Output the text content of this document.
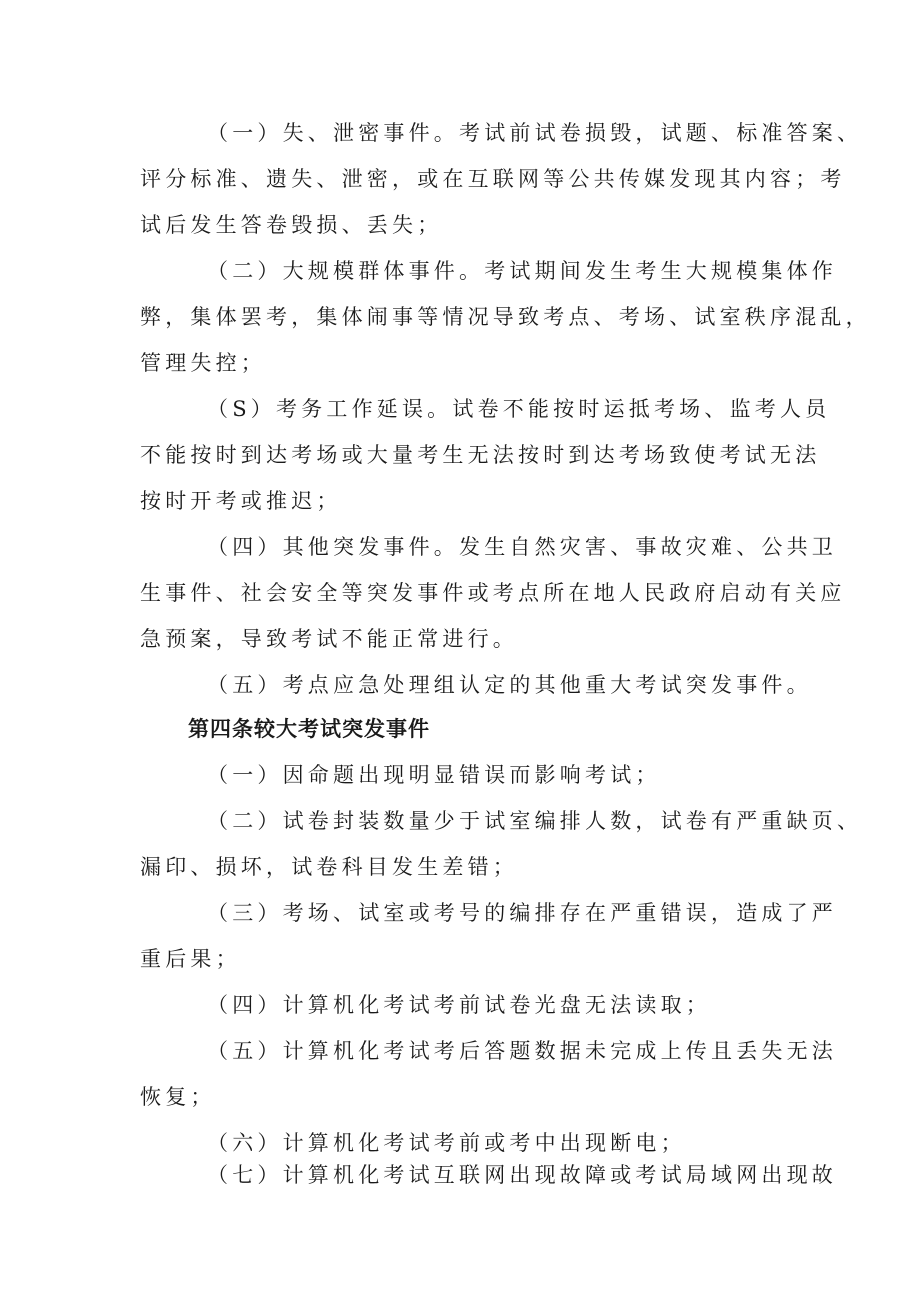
（一）失、泄密事件。考试前试卷损毁，试题、标准答案、
评分标准、遗失、泄密，或在互联网等公共传媒发现其内容；考
试后发生答卷毁损、丢失；
（二）大规模群体事件。考试期间发生考生大规模集体作
弊，集体罢考，集体闹事等情况导致考点、考场、试室秩序混乱，
管理失控；
（S）考务工作延误。试卷不能按时运抵考场、监考人员
不能按时到达考场或大量考生无法按时到达考场致使考试无法
按时开考或推迟；
（四）其他突发事件。发生自然灾害、事故灾难、公共卫
生事件、社会安全等突发事件或考点所在地人民政府启动有关应
急预案，导致考试不能正常进行。
（五）考点应急处理组认定的其他重大考试突发事件。
第四条较大考试突发事件
（一）因命题出现明显错误而影响考试；
（二）试卷封装数量少于试室编排人数，试卷有严重缺页、
漏印、损坏，试卷科目发生差错；
（三）考场、试室或考号的编排存在严重错误，造成了严
重后果；
（四）计算机化考试考前试卷光盘无法读取；
（五）计算机化考试考后答题数据未完成上传且丢失无法
恢复；
（六）计算机化考试考前或考中出现断电；
（七）计算机化考试互联网出现故障或考试局域网出现故
